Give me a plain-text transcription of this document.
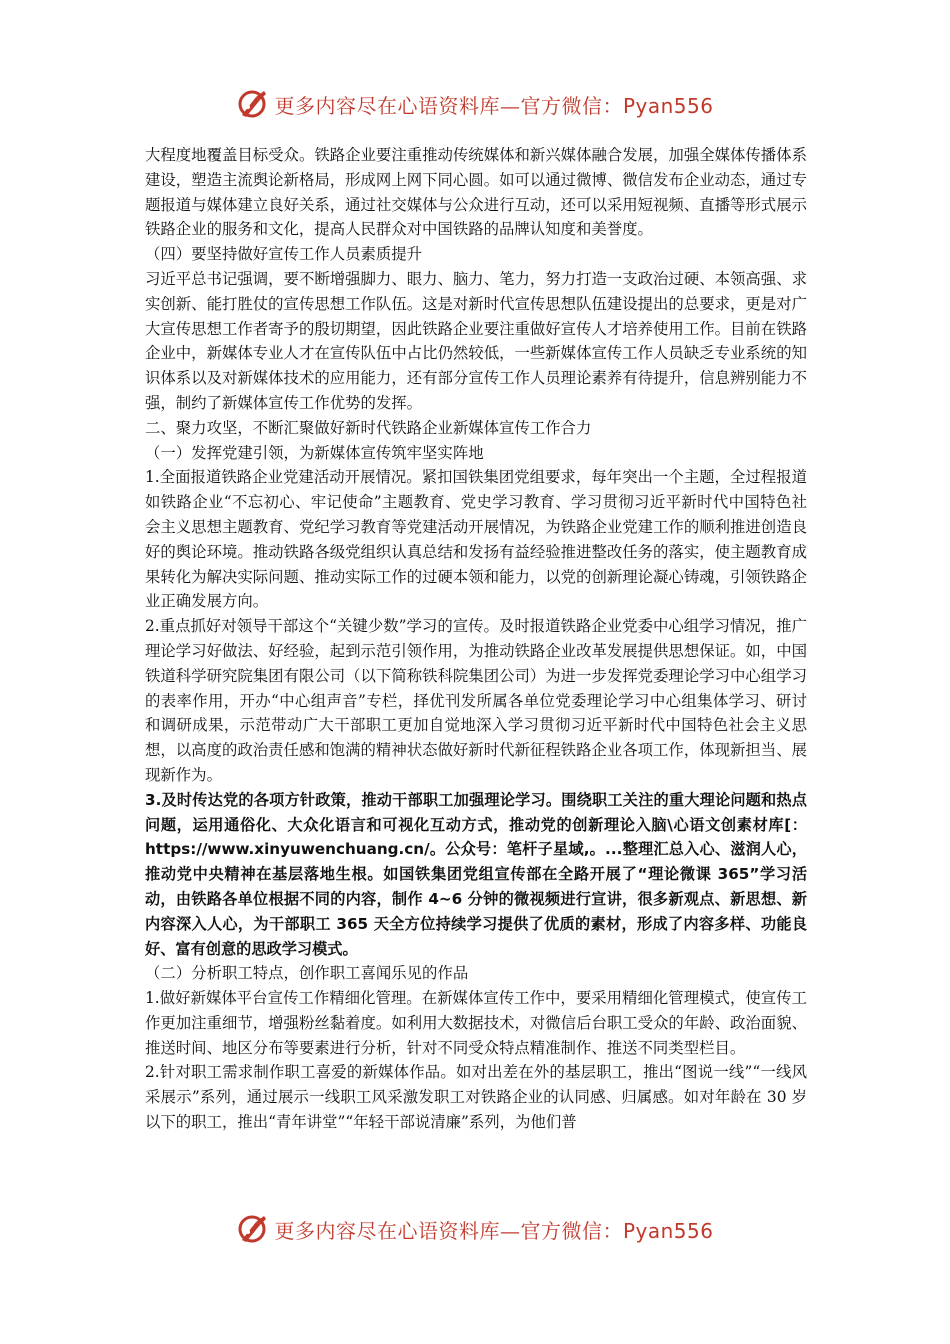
更多内容尽在心语资料库—官方微信：Pyan556

大程度地覆盖目标受众。铁路企业要注重推动传统媒体和新兴媒体融合发展，加强全媒体传播体系建设，塑造主流舆论新格局，形成网上网下同心圆。如可以通过微博、微信发布企业动态，通过专题报道与媒体建立良好关系，通过社交媒体与公众进行互动，还可以采用短视频、直播等形式展示铁路企业的服务和文化，提高人民群众对中国铁路的品牌认知度和美誉度。

（四）要坚持做好宣传工作人员素质提升

习近平总书记强调，要不断增强脚力、眼力、脑力、笔力，努力打造一支政治过硬、本领高强、求实创新、能打胜仗的宣传思想工作队伍。这是对新时代宣传思想队伍建设提出的总要求，更是对广大宣传思想工作者寄予的殷切期望，因此铁路企业要注重做好宣传人才培养使用工作。目前在铁路企业中，新媒体专业人才在宣传队伍中占比仍然较低，一些新媒体宣传工作人员缺乏专业系统的知识体系以及对新媒体技术的应用能力，还有部分宣传工作人员理论素养有待提升，信息辨别能力不强，制约了新媒体宣传工作优势的发挥。

二、聚力攻坚，不断汇聚做好新时代铁路企业新媒体宣传工作合力

（一）发挥党建引领，为新媒体宣传筑牢坚实阵地

1.全面报道铁路企业党建活动开展情况。紧扣国铁集团党组要求，每年突出一个主题，全过程报道如铁路企业“不忘初心、牢记使命”主题教育、党史学习教育、学习贯彻习近平新时代中国特色社会主义思想主题教育、党纪学习教育等党建活动开展情况，为铁路企业党建工作的顺利推进创造良好的舆论环境。推动铁路各级党组织认真总结和发扬有益经验推进整改任务的落实，使主题教育成果转化为解决实际问题、推动实际工作的过硬本领和能力，以党的创新理论凝心铸魂，引领铁路企业正确发展方向。

2.重点抓好对领导干部这个“关键少数”学习的宣传。及时报道铁路企业党委中心组学习情况，推广理论学习好做法、好经验，起到示范引领作用，为推动铁路企业改革发展提供思想保证。如，中国铁道科学研究院集团有限公司（以下简称铁科院集团公司）为进一步发挥党委理论学习中心组学习的表率作用，开办“中心组声音”专栏，择优刊发所属各单位党委理论学习中心组集体学习、研讨和调研成果，示范带动广大干部职工更加自觉地深入学习贯彻习近平新时代中国特色社会主义思想，以高度的政治责任感和饱满的精神状态做好新时代新征程铁路企业各项工作，体现新担当、展现新作为。

3.及时传达党的各项方针政策，推动干部职工加强理论学习。围绕职工关注的重大理论问题和热点问题，运用通俗化、大众化语言和可视化互动方式，推动党的创新理论入脑\心语文创素材库[：https://www.xinyuwenchuang.cn/。公众号：笔杆子星域,。...整理汇总入心、滋润人心，推动党中央精神在基层落地生根。如国铁集团党组宣传部在全路开展了“理论微课 365”学习活动，由铁路各单位根据不同的内容，制作 4~6 分钟的微视频进行宣讲，很多新观点、新思想、新内容深入人心，为干部职工 365 天全方位持续学习提供了优质的素材，形成了内容多样、功能良好、富有创意的思政学习模式。

（二）分析职工特点，创作职工喜闻乐见的作品

1.做好新媒体平台宣传工作精细化管理。在新媒体宣传工作中，要采用精细化管理模式，使宣传工作更加注重细节，增强粉丝黏着度。如利用大数据技术，对微信后台职工受众的年龄、政治面貌、推送时间、地区分布等要素进行分析，针对不同受众特点精准制作、推送不同类型栏目。

2.针对职工需求制作职工喜爱的新媒体作品。如对出差在外的基层职工，推出“图说一线”“一线风采展示”系列，通过展示一线职工风采激发职工对铁路企业的认同感、归属感。如对年龄在 30 岁以下的职工，推出“青年讲堂”“年轻干部说清廉”系列，为他们普

更多内容尽在心语资料库—官方微信：Pyan556
